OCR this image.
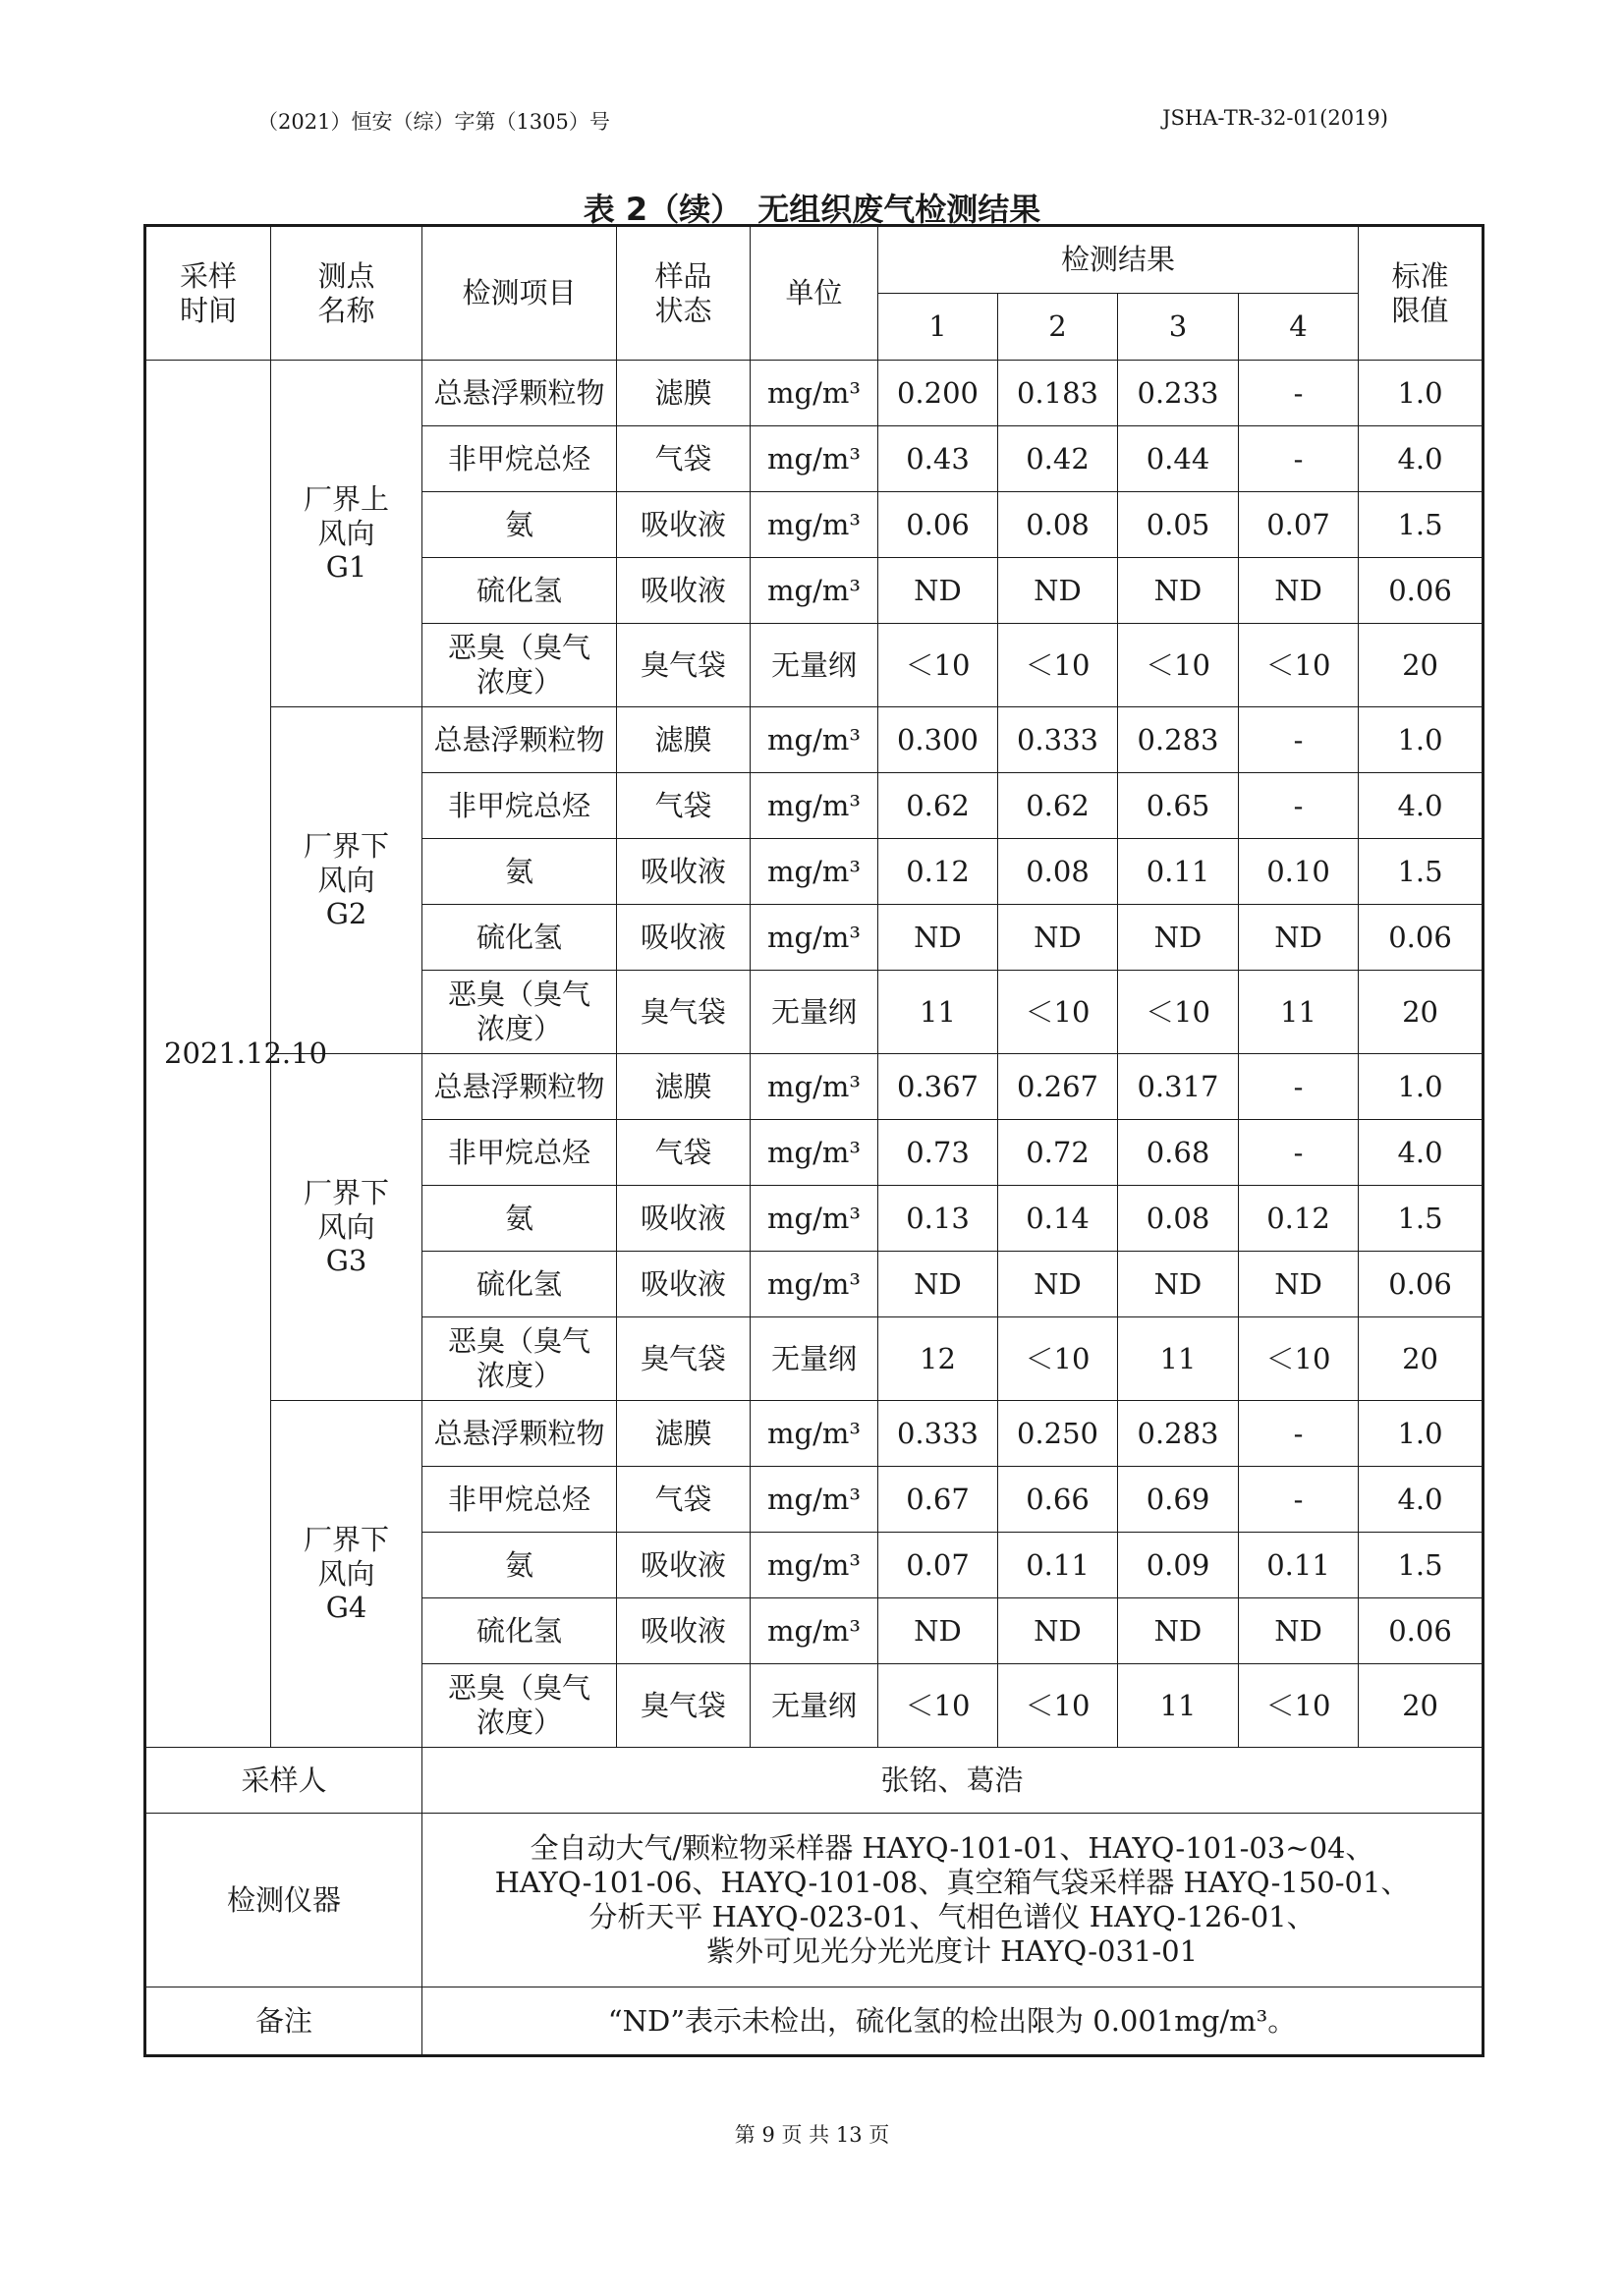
（2021）恒安（综）字第（1305）号	JSHA-TR-32-01(2019)
表 2（续）　无组织废气检测结果
采样时间	测点名称	检测项目	样品状态	单位	检测结果				标准限值
					1	2	3	4	
2021.12.10	厂界上风向 G1	总悬浮颗粒物	滤膜	mg/m³	0.200	0.183	0.233	-	1.0
		非甲烷总烃	气袋	mg/m³	0.43	0.42	0.44	-	4.0
		氨	吸收液	mg/m³	0.06	0.08	0.05	0.07	1.5
		硫化氢	吸收液	mg/m³	ND	ND	ND	ND	0.06
		恶臭（臭气浓度）	臭气袋	无量纲	＜10	＜10	＜10	＜10	20
	厂界下风向 G2	总悬浮颗粒物	滤膜	mg/m³	0.300	0.333	0.283	-	1.0
		非甲烷总烃	气袋	mg/m³	0.62	0.62	0.65	-	4.0
		氨	吸收液	mg/m³	0.12	0.08	0.11	0.10	1.5
		硫化氢	吸收液	mg/m³	ND	ND	ND	ND	0.06
		恶臭（臭气浓度）	臭气袋	无量纲	11	＜10	＜10	11	20
	厂界下风向 G3	总悬浮颗粒物	滤膜	mg/m³	0.367	0.267	0.317	-	1.0
		非甲烷总烃	气袋	mg/m³	0.73	0.72	0.68	-	4.0
		氨	吸收液	mg/m³	0.13	0.14	0.08	0.12	1.5
		硫化氢	吸收液	mg/m³	ND	ND	ND	ND	0.06
		恶臭（臭气浓度）	臭气袋	无量纲	12	＜10	11	＜10	20
	厂界下风向 G4	总悬浮颗粒物	滤膜	mg/m³	0.333	0.250	0.283	-	1.0
		非甲烷总烃	气袋	mg/m³	0.67	0.66	0.69	-	4.0
		氨	吸收液	mg/m³	0.07	0.11	0.09	0.11	1.5
		硫化氢	吸收液	mg/m³	ND	ND	ND	ND	0.06
		恶臭（臭气浓度）	臭气袋	无量纲	＜10	＜10	11	＜10	20
采样人		张铭、葛浩							
检测仪器		全自动大气/颗粒物采样器 HAYQ-101-01、HAYQ-101-03~04、
HAYQ-101-06、HAYQ-101-08、真空箱气袋采样器 HAYQ-150-01、
分析天平 HAYQ-023-01、气相色谱仪 HAYQ-126-01、
紫外可见光分光光度计 HAYQ-031-01							

备注		“ND”表示未检出，硫化氢的检出限为 0.001mg/m³。							
第 9 页 共 13 页
